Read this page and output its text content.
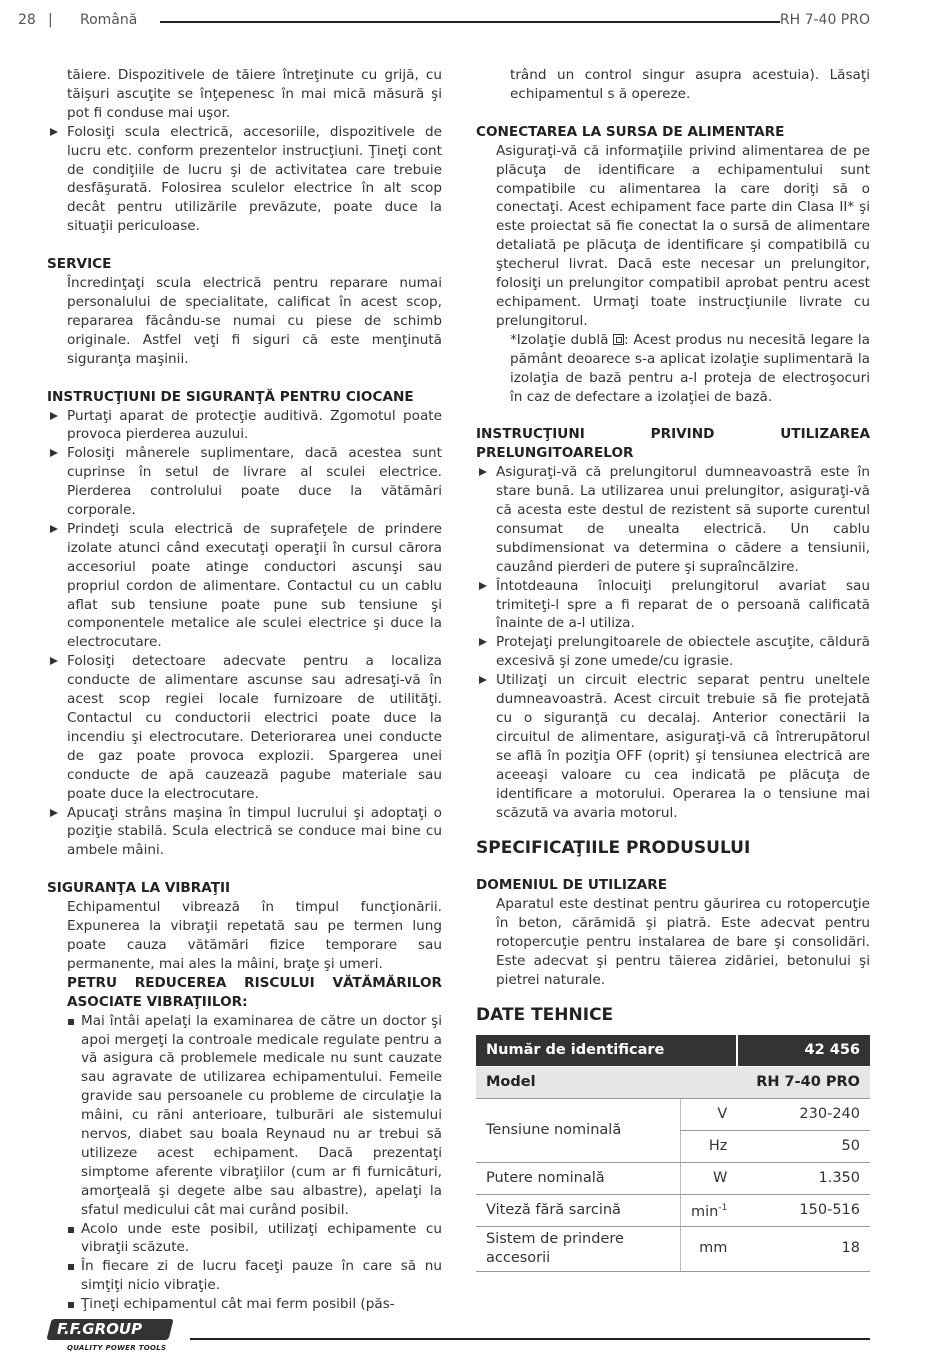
28 | Română	RH 7-40 PRO

tăiere. Dispozitivele de tăiere întreţinute cu grijă, cu tăişuri ascuţite se înţepenesc în mai mică măsură şi pot fi conduse mai uşor.

Folosiţi scula electrică, accesoriile, dispozitivele de lucru etc. conform prezentelor instrucţiuni. Ţineţi cont de condiţiile de lucru şi de activitatea care trebuie desfăşurată. Folosirea sculelor electrice în alt scop decât pentru utilizările prevăzute, poate duce la situaţii periculoase.

SERVICE

Încredinţaţi scula electrică pentru reparare numai personalului de specialitate, calificat în acest scop, repararea făcându-se numai cu piese de schimb originale. Astfel veţi fi siguri că este menţinută siguranţa maşinii.

INSTRUCŢIUNI DE SIGURANŢĂ PENTRU CIOCANE

Purtaţi aparat de protecţie auditivă. Zgomotul poate provoca pierderea auzului.

Folosiţi mânerele suplimentare, dacă acestea sunt cuprinse în setul de livrare al sculei electrice. Pierderea controlului poate duce la vătămări corporale.

Prindeţi scula electrică de suprafeţele de prindere izolate atunci când executaţi operaţii în cursul cărora accesoriul poate atinge conductori ascunşi sau propriul cordon de alimentare. Contactul cu un cablu aflat sub tensiune poate pune sub tensiune şi componentele metalice ale sculei electrice şi duce la electrocutare.

Folosiţi detectoare adecvate pentru a localiza conducte de alimentare ascunse sau adresaţi-vă în acest scop regiei locale furnizoare de utilităţi. Contactul cu conductorii electrici poate duce la incendiu şi electrocutare. Deteriorarea unei conducte de gaz poate provoca explozii. Spargerea unei conducte de apă cauzează pagube materiale sau poate duce la electrocutare.

Apucaţi strâns maşina în timpul lucrului şi adoptaţi o poziţie stabilă. Scula electrică se conduce mai bine cu ambele mâini.

SIGURANŢA LA VIBRAŢII

Echipamentul vibrează în timpul funcţionării. Expunerea la vibraţii repetată sau pe termen lung poate cauza vătămări fizice temporare sau permanente, mai ales la mâini, braţe şi umeri.

PETRU REDUCEREA RISCULUI VĂTĂMĂRILOR ASOCIATE VIBRAŢIILOR:

Mai întâi apelaţi la examinarea de către un doctor şi apoi mergeţi la controale medicale regulate pentru a vă asigura că problemele medicale nu sunt cauzate sau agravate de utilizarea echipamentului. Femeile gravide sau persoanele cu probleme de circulaţie la mâini, cu răni anterioare, tulburări ale sistemului nervos, diabet sau boala Reynaud nu ar trebui să utilizeze acest echipament. Dacă prezentaţi simptome aferente vibraţiilor (cum ar fi furnicături, amorţeală şi degete albe sau albastre), apelaţi la sfatul medicului cât mai curând posibil.

Acolo unde este posibil, utilizaţi echipamente cu vibraţii scăzute.

În fiecare zi de lucru faceţi pauze în care să nu simţiţi nicio vibraţie.

Ţineţi echipamentul cât mai ferm posibil (păs-

trând un control singur asupra acestuia). Lăsaţi echipamentul s ă opereze.

CONECTAREA LA SURSA DE ALIMENTARE

Asiguraţi-vă că informaţiile privind alimentarea de pe plăcuţa de identificare a echipamentului sunt compatibile cu alimentarea la care doriţi să o conectaţi. Acest echipament face parte din Clasa II* şi este proiectat să fie conectat la o sursă de alimentare detaliată pe plăcuţa de identificare şi compatibilă cu ştecherul livrat. Dacă este necesar un prelungitor, folosiţi un prelungitor compatibil aprobat pentru acest echipament. Urmaţi toate instrucţiunile livrate cu prelungitorul.

*Izolaţie dublă : Acest produs nu necesită legare la pământ deoarece s-a aplicat izolaţie suplimentară la izolaţia de bază pentru a-l proteja de electroşocuri în caz de defectare a izolaţiei de bază.

INSTRUCŢIUNI PRIVIND UTILIZAREA PRELUNGITOARELOR

Asiguraţi-vă că prelungitorul dumneavoastră este în stare bună. La utilizarea unui prelungitor, asiguraţi-vă că acesta este destul de rezistent să suporte curentul consumat de unealta electrică. Un cablu subdimensionat va determina o cădere a tensiunii, cauzând pierderi de putere şi supraîncălzire.

Întotdeauna înlocuiţi prelungitorul avariat sau trimiteţi-l spre a fi reparat de o persoană calificată înainte de a-l utiliza.

Protejaţi prelungitoarele de obiectele ascuţite, căldură excesivă şi zone umede/cu igrasie.

Utilizaţi un circuit electric separat pentru uneltele dumneavoastră. Acest circuit trebuie să fie protejată cu o siguranţă cu decalaj. Anterior conectării la circuitul de alimentare, asiguraţi-vă că întrerupătorul se află în poziţia OFF (oprit) şi tensiunea electrică are aceeaşi valoare cu cea indicată pe plăcuţa de identificare a motorului. Operarea la o tensiune mai scăzută va avaria motorul.

SPECIFICAŢIILE PRODUSULUI

DOMENIUL DE UTILIZARE

Aparatul este destinat pentru găurirea cu rotopercuţie în beton, cărămidă şi piatră. Este adecvat pentru rotopercuţie pentru instalarea de bare şi consolidări. Este adecvat şi pentru tăierea zidăriei, betonului şi pietrei naturale.

DATE TEHNICE

Număr de identificare		42 456
Model		RH 7-40 PRO
Tensiune nominală	V	230-240
	Hz	50
Putere nominală	W	1.350
Viteză fără sarcină	$\min^{-1}$	150-516
Sistem de prindere accesorii	mm	18
F.F.GROUP
QUALITY POWER TOOLS
